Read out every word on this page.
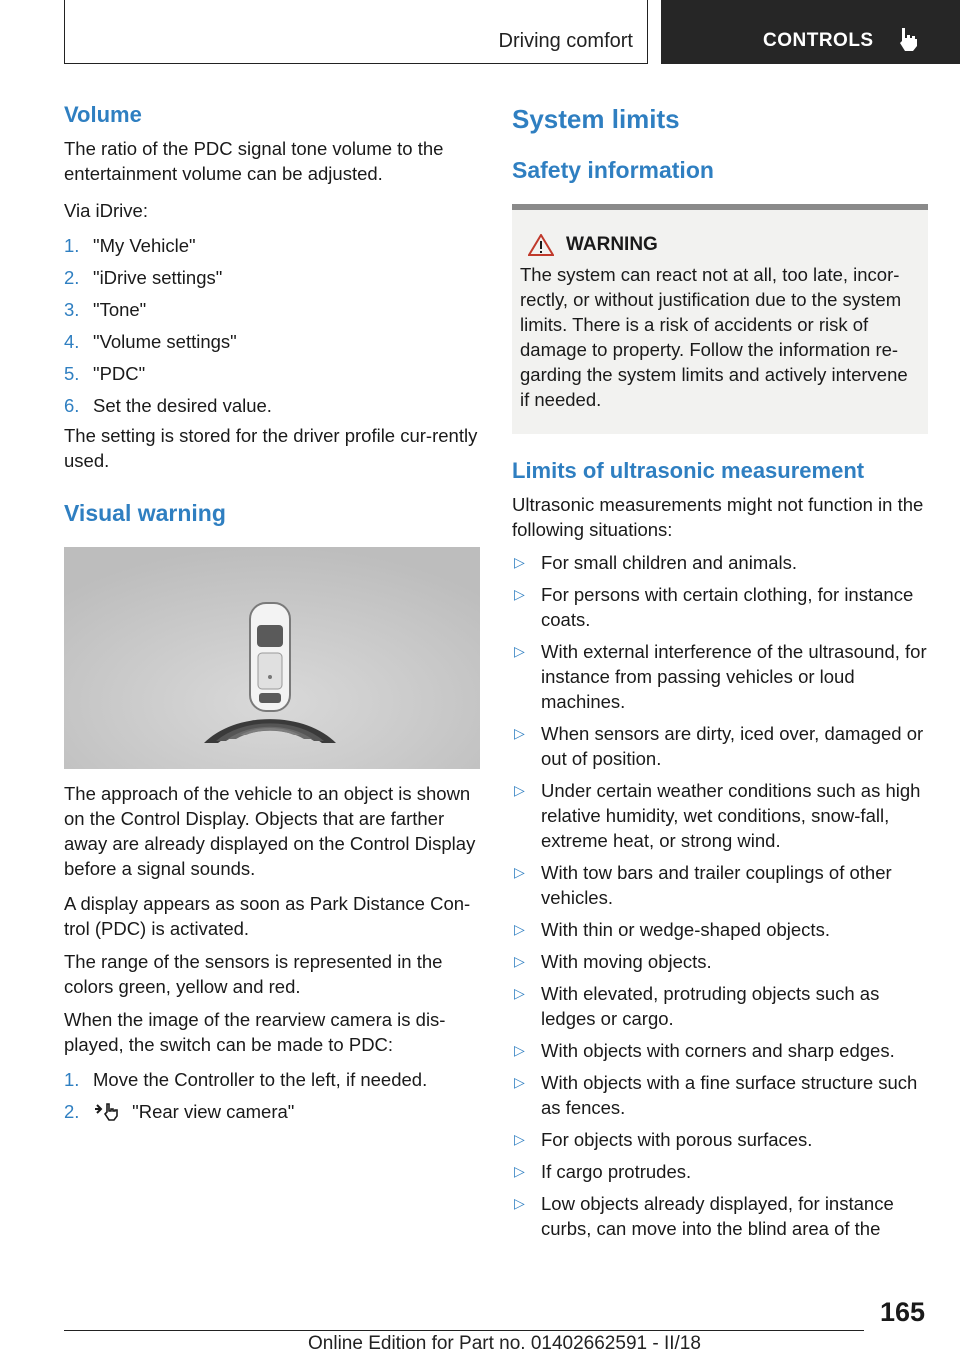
Driving comfort	CONTROLS
Volume

The ratio of the PDC signal tone volume to the entertainment volume can be adjusted.

Via iDrive:

1. "My Vehicle"
2. "iDrive settings"
3. "Tone"
4. "Volume settings"
5. "PDC"
6. Set the desired value.

The setting is stored for the driver profile cur-rently used.

Visual warning

The approach of the vehicle to an object is shown on the Control Display. Objects that are farther away are already displayed on the Control Display before a signal sounds.

A display appears as soon as Park Distance Con-trol (PDC) is activated.

The range of the sensors is represented in the colors green, yellow and red.

When the image of the rearview camera is dis-played, the switch can be made to PDC:

1. Move the Controller to the left, if needed.
2.	"Rear view camera"
System limits
Safety information
WARNING

The system can react not at all, too late, incor-rectly, or without justification due to the system limits. There is a risk of accidents or risk of damage to property. Follow the information re-garding the system limits and actively intervene if needed.

Limits of ultrasonic measurement

Ultrasonic measurements might not function in the following situations:

▷ For small children and animals.
▷ For persons with certain clothing, for instance coats.
▷ With external interference of the ultrasound, for instance from passing vehicles or loud machines.
▷ When sensors are dirty, iced over, damaged or out of position.
▷ Under certain weather conditions such as high relative humidity, wet conditions, snow-fall, extreme heat, or strong wind.
▷ With tow bars and trailer couplings of other vehicles.
▷ With thin or wedge-shaped objects.
▷ With moving objects.
▷ With elevated, protruding objects such as ledges or cargo.
▷ With objects with corners and sharp edges.
▷ With objects with a fine surface structure such as fences.
▷ For objects with porous surfaces.
▷ If cargo protrudes.
▷ Low objects already displayed, for instance curbs, can move into the blind area of the
165
Online Edition for Part no. 01402662591 - II/18
